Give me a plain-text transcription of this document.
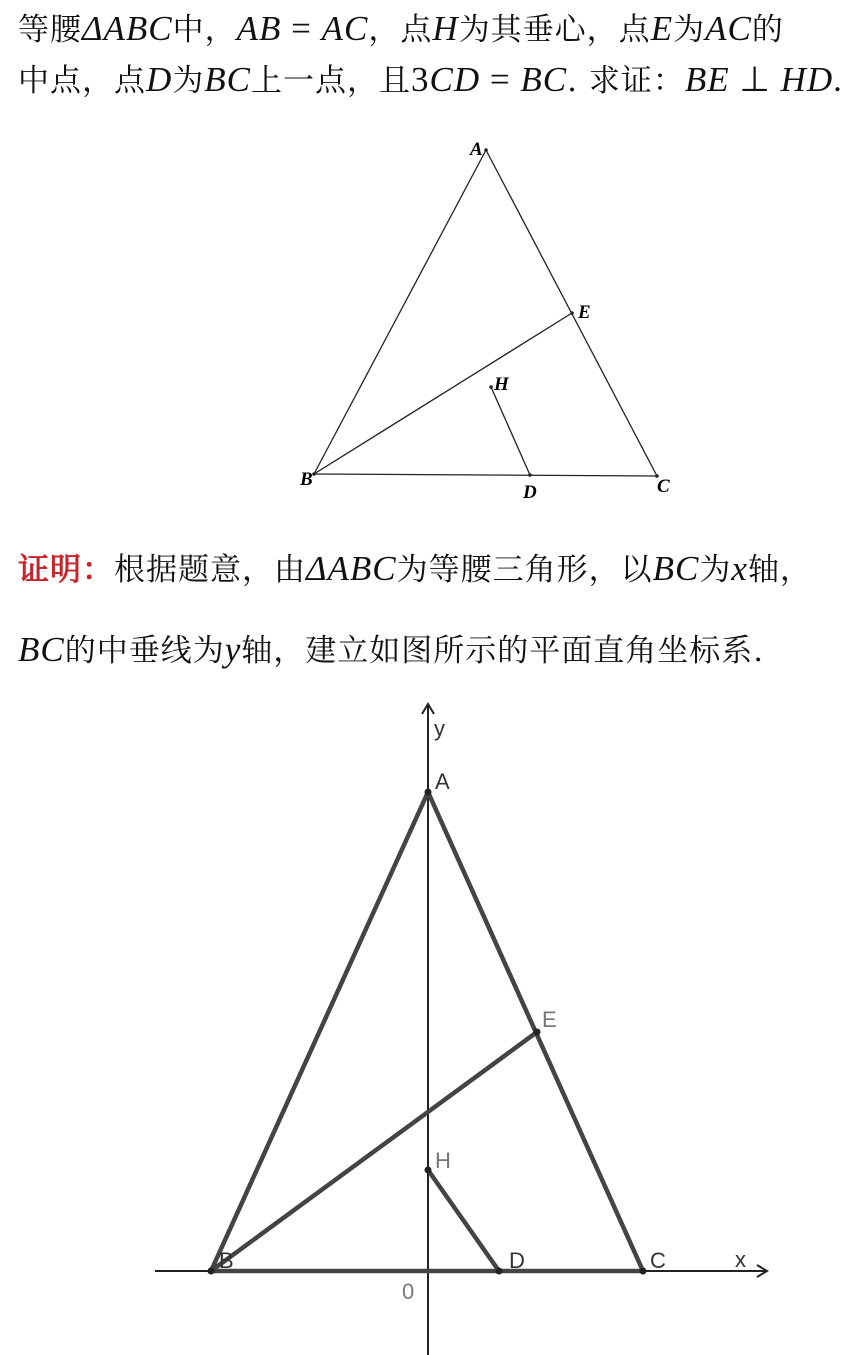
等腰ΔABC中，AB = AC，点H为其垂心，点E为AC的
中点，点D为BC上一点，且3CD = BC. 求证：BE ⊥ HD.
A
B	C
D
E
H
证明：根据题意，由ΔABC为等腰三角形，以BC为x轴，
BC的中垂线为y轴，建立如图所示的平面直角坐标系.
y
A
E
H
B	D	C	x
0
